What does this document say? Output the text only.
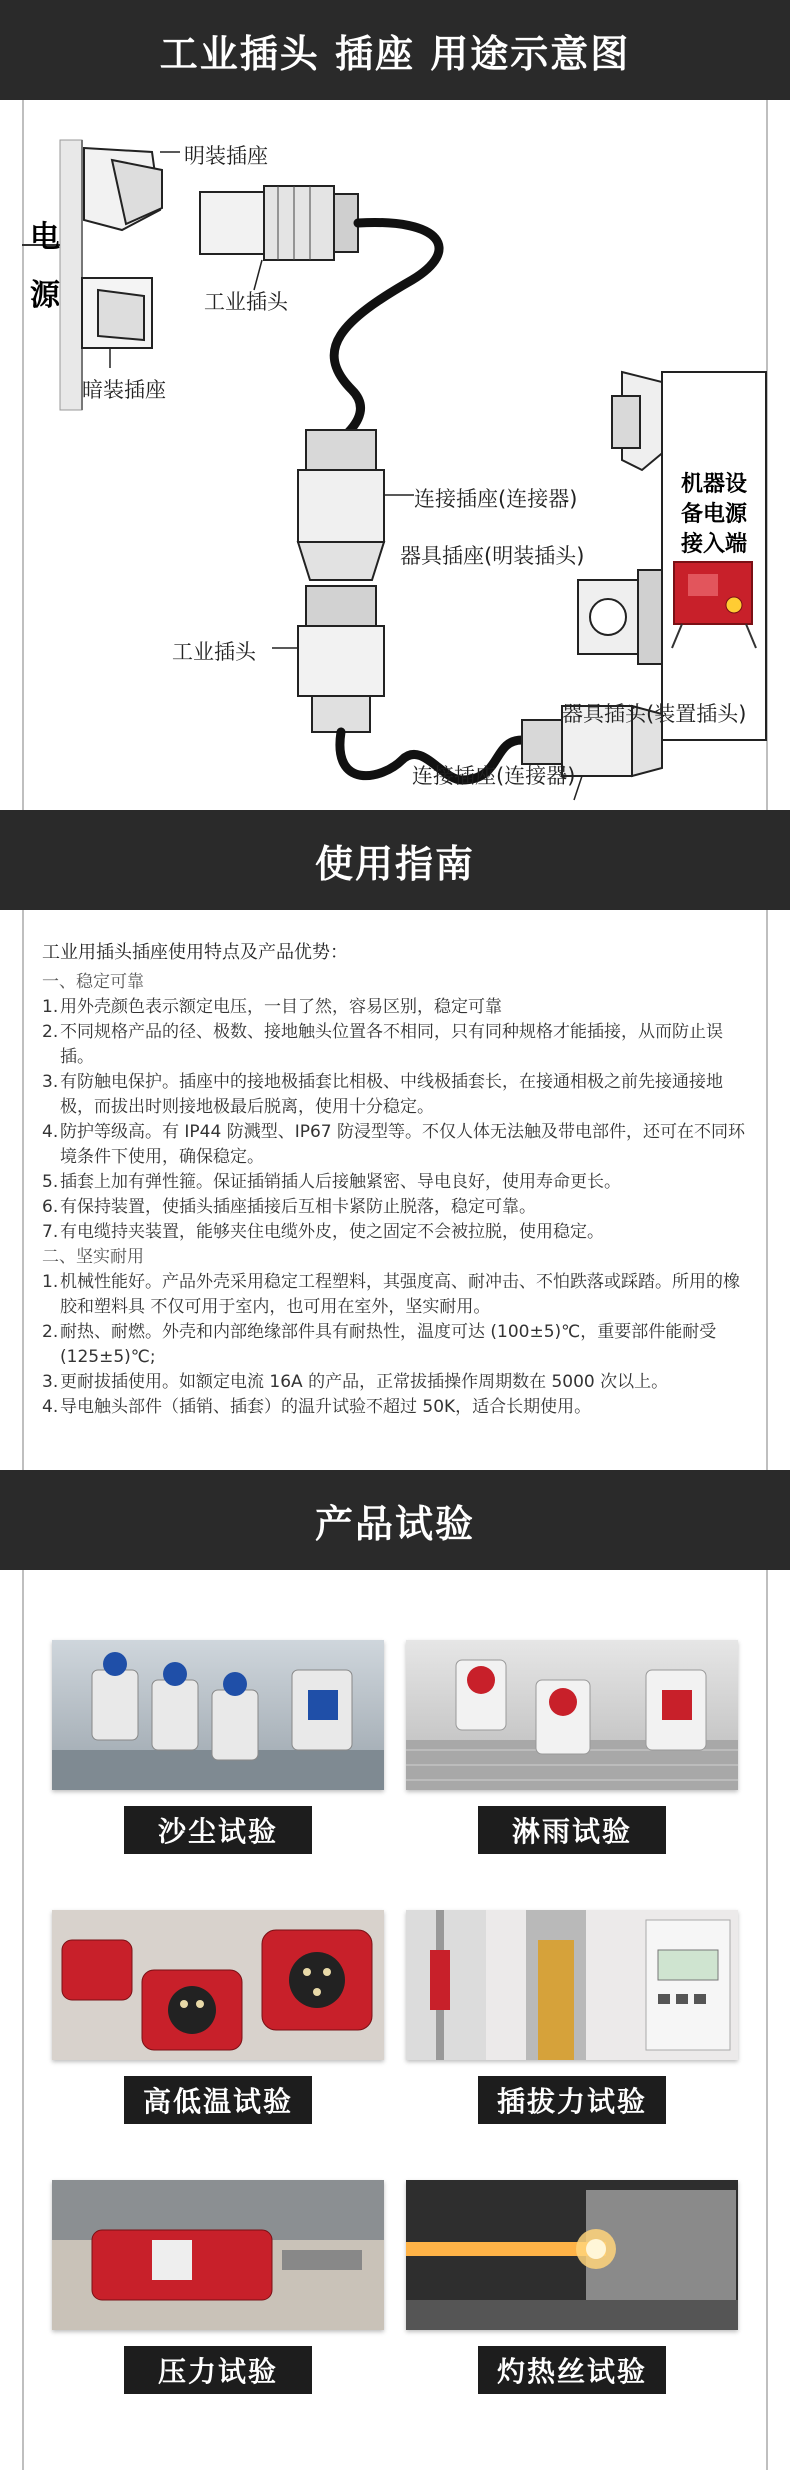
工业插头 插座 用途示意图
电
源
明装插座
工业插头
暗装插座
连接插座(连接器)
器具插座(明装插头)
工业插头
器具插头(装置插头)
连接插座(连接器)
机器设
备电源
接入端
使用指南

工业用插头插座使用特点及产品优势：

一、稳定可靠

1. 用外壳颜色表示额定电压，一目了然，容易区别，稳定可靠

2. 不同规格产品的径、极数、接地触头位置各不相同，只有同种规格才能插接，从而防止误插。

3. 有防触电保护。插座中的接地极插套比相极、中线极插套长，在接通相极之前先接通接地极，而拔出时则接地极最后脱离，使用十分稳定。

4. 防护等级高。有 IP44 防溅型、IP67 防浸型等。不仅人体无法触及带电部件，还可在不同环境条件下使用，确保稳定。

5. 插套上加有弹性箍。保证插销插人后接触紧密、导电良好，使用寿命更长。

6. 有保持装置，使插头插座插接后互相卡紧防止脱落，稳定可靠。

7. 有电缆持夹装置，能够夹住电缆外皮，使之固定不会被拉脱，使用稳定。

二、坚实耐用

1. 机械性能好。产品外壳采用稳定工程塑料，其强度高、耐冲击、不怕跌落或踩踏。所用的橡胶和塑料具 不仅可用于室内，也可用在室外，坚实耐用。

2. 耐热、耐燃。外壳和内部绝缘部件具有耐热性，温度可达 (100±5)℃，重要部件能耐受 (125±5)℃;

3. 更耐拔插使用。如额定电流 16A 的产品，正常拔插操作周期数在 5000 次以上。

4. 导电触头部件（插销、插套）的温升试验不超过 50K，适合长期使用。

产品试验
沙尘试验	淋雨试验
高低温试验	插拔力试验
压力试验	灼热丝试验
